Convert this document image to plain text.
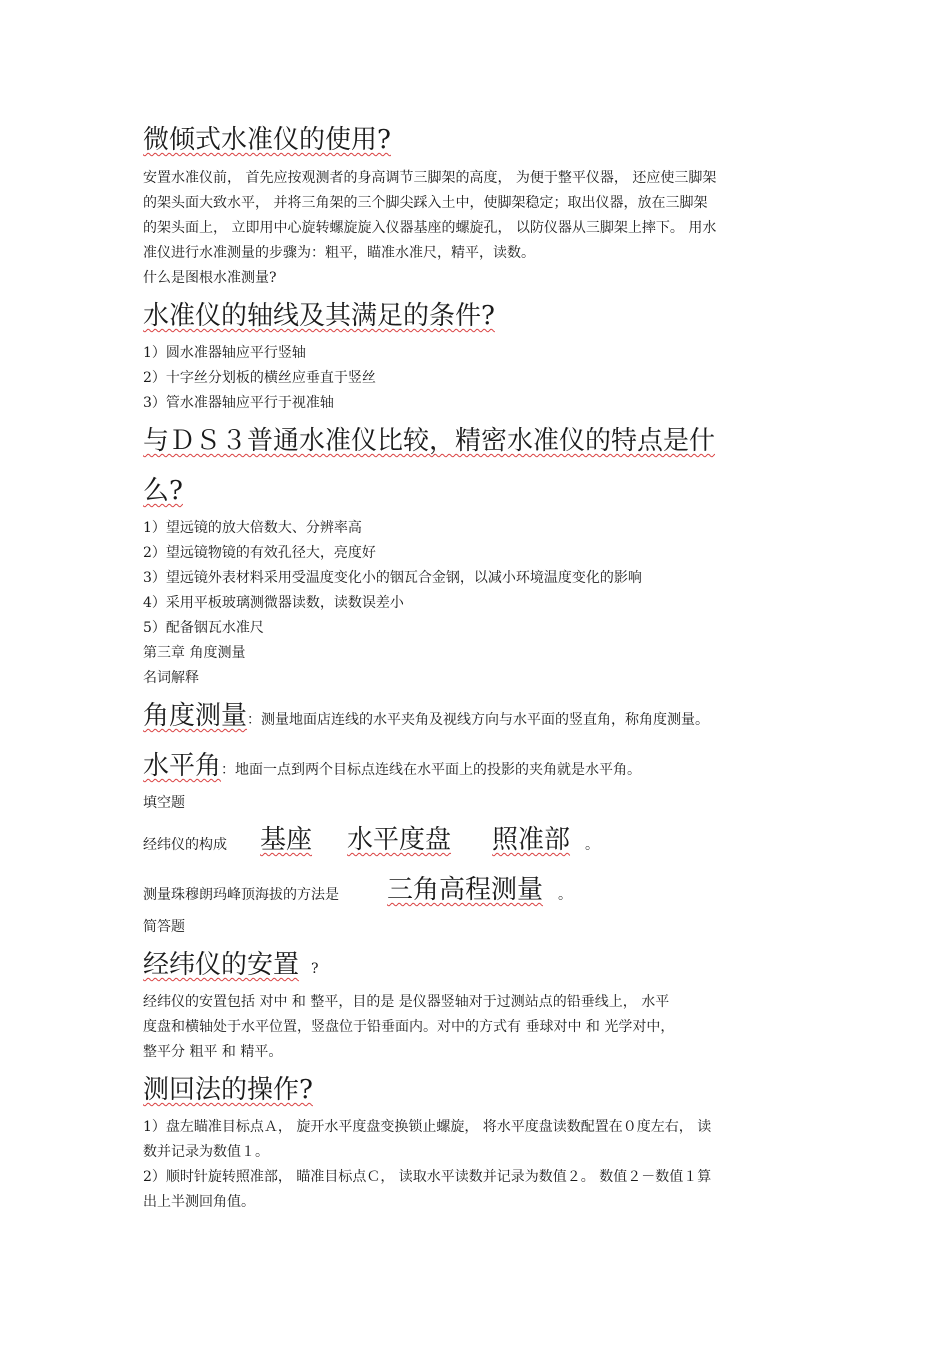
微倾式水准仪的使用?
安置水准仪前， 首先应按观测者的身高调节三脚架的高度， 为便于整平仪器， 还应使三脚架
的架头面大致水平， 并将三角架的三个脚尖踩入土中，使脚架稳定；取出仪器，放在三脚架
的架头面上， 立即用中心旋转螺旋旋入仪器基座的螺旋孔， 以防仪器从三脚架上摔下。 用水
准仪进行水准测量的步骤为：粗平，瞄准水准尺，精平，读数。
什么是图根水准测量?
水准仪的轴线及其满足的条件?
1）圆水准器轴应平行竖轴
2）十字丝分划板的横丝应垂直于竖丝
3）管水准器轴应平行于视准轴
与ＤＳ３普通水准仪比较，精密水准仪的特点是什
么?
1）望远镜的放大倍数大、分辨率高
2）望远镜物镜的有效孔径大，亮度好
3）望远镜外表材料采用受温度变化小的铟瓦合金钢，以减小环境温度变化的影响
4）采用平板玻璃测微器读数，读数误差小
5）配备铟瓦水准尺
第三章 角度测量
名词解释
角度测量：测量地面店连线的水平夹角及视线方向与水平面的竖直角，称角度测量。
水平角：地面一点到两个目标点连线在水平面上的投影的夹角就是水平角。
填空题
经纬仪的构成 基座 水平度盘 照准部 。
测量珠穆朗玛峰顶海拔的方法是 三角高程测量 。
简答题
经纬仪的安置 ?
经纬仪的安置包括 对中 和 整平，目的是 是仪器竖轴对于过测站点的铅垂线上， 水平
度盘和横轴处于水平位置，竖盘位于铅垂面内。对中的方式有 垂球对中 和 光学对中，
整平分 粗平 和 精平。
测回法的操作?
1）盘左瞄准目标点Ａ， 旋开水平度盘变换锁止螺旋， 将水平度盘读数配置在０度左右， 读
数并记录为数值１。
2）顺时针旋转照准部， 瞄准目标点Ｃ， 读取水平读数并记录为数值２。 数值２－数值１算
出上半测回角值。
